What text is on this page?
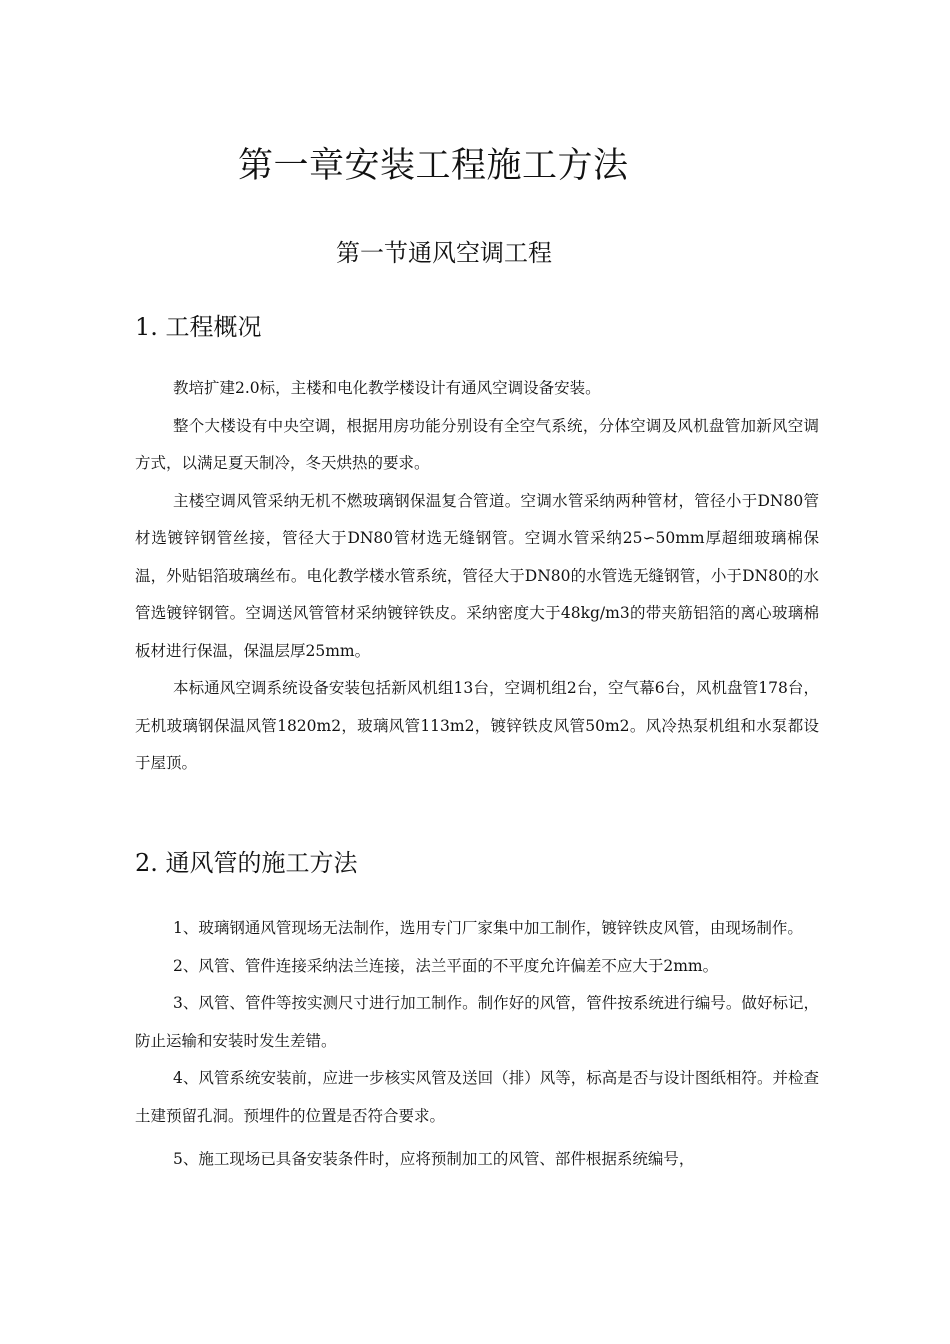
第一章安装工程施工方法
第一节通风空调工程
1. 工程概况

教培扩建2.0标，主楼和电化教学楼设计有通风空调设备安装。

整个大楼设有中央空调，根据用房功能分别设有全空气系统，分体空调及风机盘管加新风空调方式，以满足夏天制冷，冬天烘热的要求。

主楼空调风管采纳无机不燃玻璃钢保温复合管道。空调水管采纳两种管材，管径小于DN80管材选镀锌钢管丝接，管径大于DN80管材选无缝钢管。空调水管采纳25∽50mm厚超细玻璃棉保温，外贴铝箔玻璃丝布。电化教学楼水管系统，管径大于DN80的水管选无缝钢管，小于DN80的水管选镀锌钢管。空调送风管管材采纳镀锌铁皮。采纳密度大于48kg/m3的带夹筋铝箔的离心玻璃棉板材进行保温，保温层厚25mm。

本标通风空调系统设备安装包括新风机组13台，空调机组2台，空气幕6台，风机盘管178台，无机玻璃钢保温风管1820m2，玻璃风管113m2，镀锌铁皮风管50m2。风冷热泵机组和水泵都设于屋顶。

2. 通风管的施工方法

1、玻璃钢通风管现场无法制作，选用专门厂家集中加工制作，镀锌铁皮风管，由现场制作。

2、风管、管件连接采纳法兰连接，法兰平面的不平度允许偏差不应大于2mm。

3、风管、管件等按实测尺寸进行加工制作。制作好的风管，管件按系统进行编号。做好标记，防止运输和安装时发生差错。

4、风管系统安装前，应进一步核实风管及送回（排）风等，标高是否与设计图纸相符。并检查土建预留孔洞。预埋件的位置是否符合要求。

5、施工现场已具备安装条件时，应将预制加工的风管、部件根据系统编号，
